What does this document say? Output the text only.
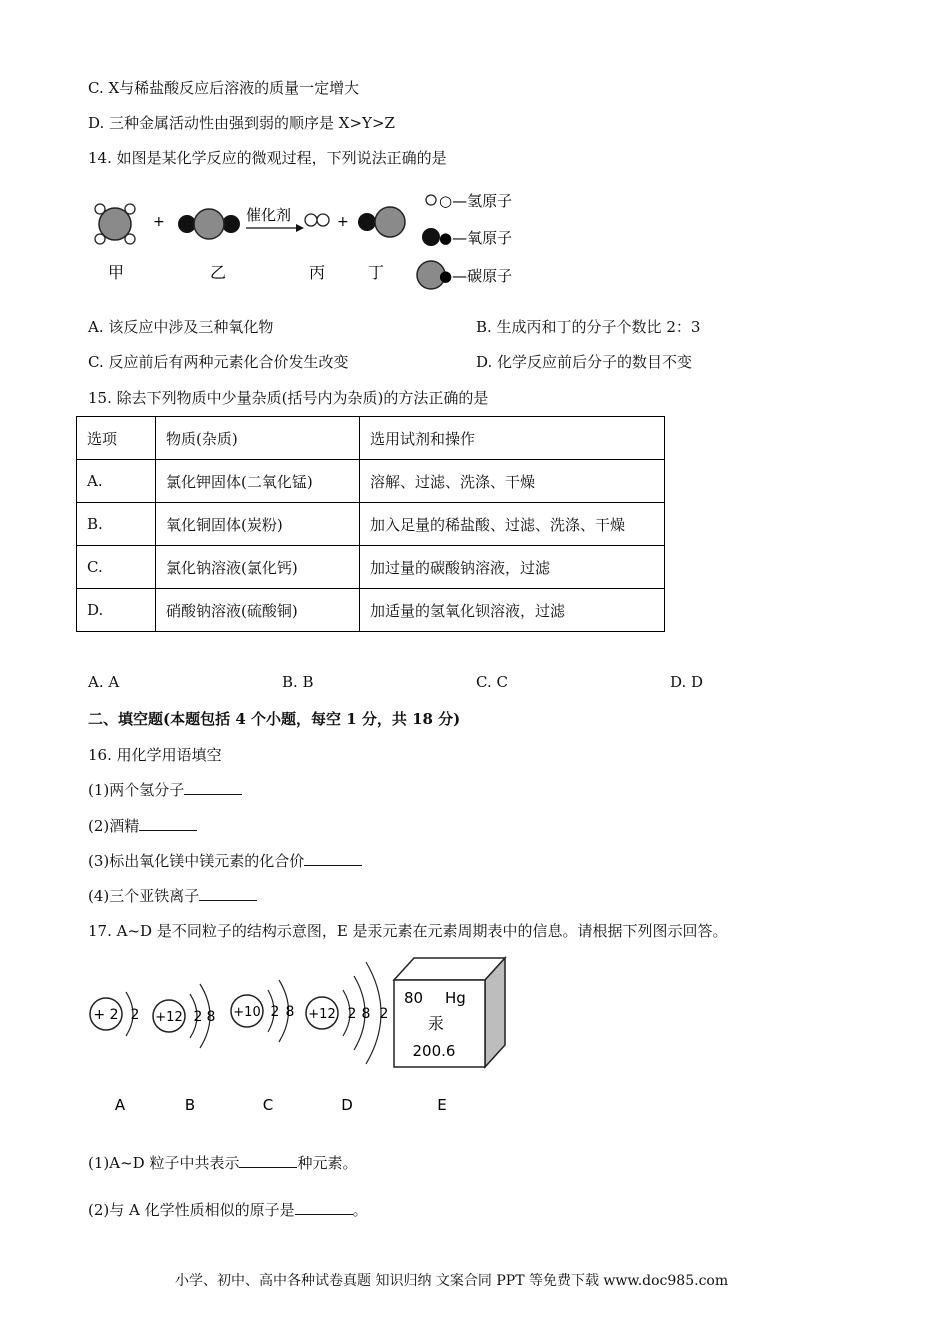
C. X与稀盐酸反应后溶液的质量一定增大
D. 三种金属活动性由强到弱的顺序是 X>Y>Z
14. 如图是某化学反应的微观过程，下列说法正确的是
+	催化剂	+
甲	乙	丙	丁
○—氢原子
●—氧原子
●—碳原子
A. 该反应中涉及三种氧化物	B. 生成丙和丁的分子个数比 2：3
C. 反应前后有两种元素化合价发生改变	D. 化学反应前后分子的数目不变
15. 除去下列物质中少量杂质(括号内为杂质)的方法正确的是
选项	物质(杂质)	选用试剂和操作
A.	氯化钾固体(二氧化锰)	溶解、过滤、洗涤、干燥
B.	氧化铜固体(炭粉)	加入足量的稀盐酸、过滤、洗涤、干燥
C.	氯化钠溶液(氯化钙)	加过量的碳酸钠溶液，过滤
D.	硝酸钠溶液(硫酸铜)	加适量的氢氧化钡溶液，过滤
A. A	B. B	C. C	D. D
二、填空题(本题包括 4 个小题，每空 1 分，共 18 分)
16. 用化学用语填空
(1)两个氢分子
(2)酒精
(3)标出氧化镁中镁元素的化合价
(4)三个亚铁离子
17. A~D 是不同粒子的结构示意图，E 是汞元素在元素周期表中的信息。请根据下列图示回答。
+ 2 2
A
+12 2 8
B
+10 2 8
C
+12 2 8 2
D
80 Hg
汞
200.6
E
(1)A~D 粒子中共表示	种元素。
(2)与 A 化学性质相似的原子是	。
小学、初中、高中各种试卷真题 知识归纳 文案合同 PPT 等免费下载 www.doc985.com
